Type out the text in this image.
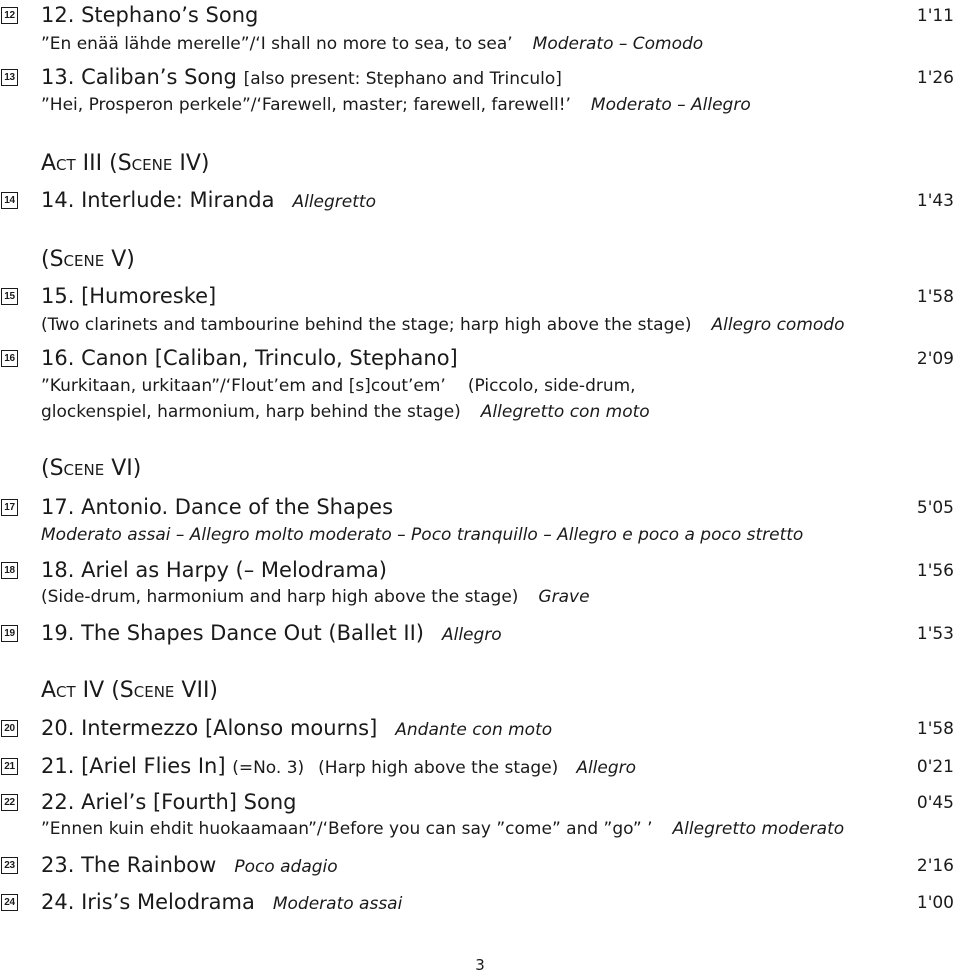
12 12. Stephano’s Song	1'11
”En enää lähde merelle”/‘I shall no more to sea, to sea’ Moderato – Comodo
13 13. Caliban’s Song [also present: Stephano and Trinculo]	1'26
”Hei, Prosperon perkele”/‘Farewell, master; farewell, farewell!’ Moderato – Allegro
Act III (Scene IV)
14 14. Interlude: Miranda Allegretto	1'43
(Scene V)
15 15. [Humoreske]	1'58
(Two clarinets and tambourine behind the stage; harp high above the stage) Allegro comodo
16 16. Canon [Caliban, Trinculo, Stephano]	2'09
”Kurkitaan, urkitaan”/‘Flout’em and [s]cout’em’ (Piccolo, side-drum,
glockenspiel, harmonium, harp behind the stage) Allegretto con moto
(Scene VI)
17 17. Antonio. Dance of the Shapes	5'05
Moderato assai – Allegro molto moderato – Poco tranquillo – Allegro e poco a poco stretto
18 18. Ariel as Harpy (– Melodrama)	1'56
(Side-drum, harmonium and harp high above the stage) Grave
19 19. The Shapes Dance Out (Ballet II) Allegro	1'53
Act IV (Scene VII)
20 20. Intermezzo [Alonso mourns] Andante con moto	1'58
21 21. [Ariel Flies In] (=No. 3) (Harp high above the stage) Allegro	0'21
22 22. Ariel’s [Fourth] Song	0'45
”Ennen kuin ehdit huokaamaan”/‘Before you can say ”come” and ”go” ’ Allegretto moderato
23 23. The Rainbow Poco adagio	2'16
24 24. Iris’s Melodrama Moderato assai	1'00
3
